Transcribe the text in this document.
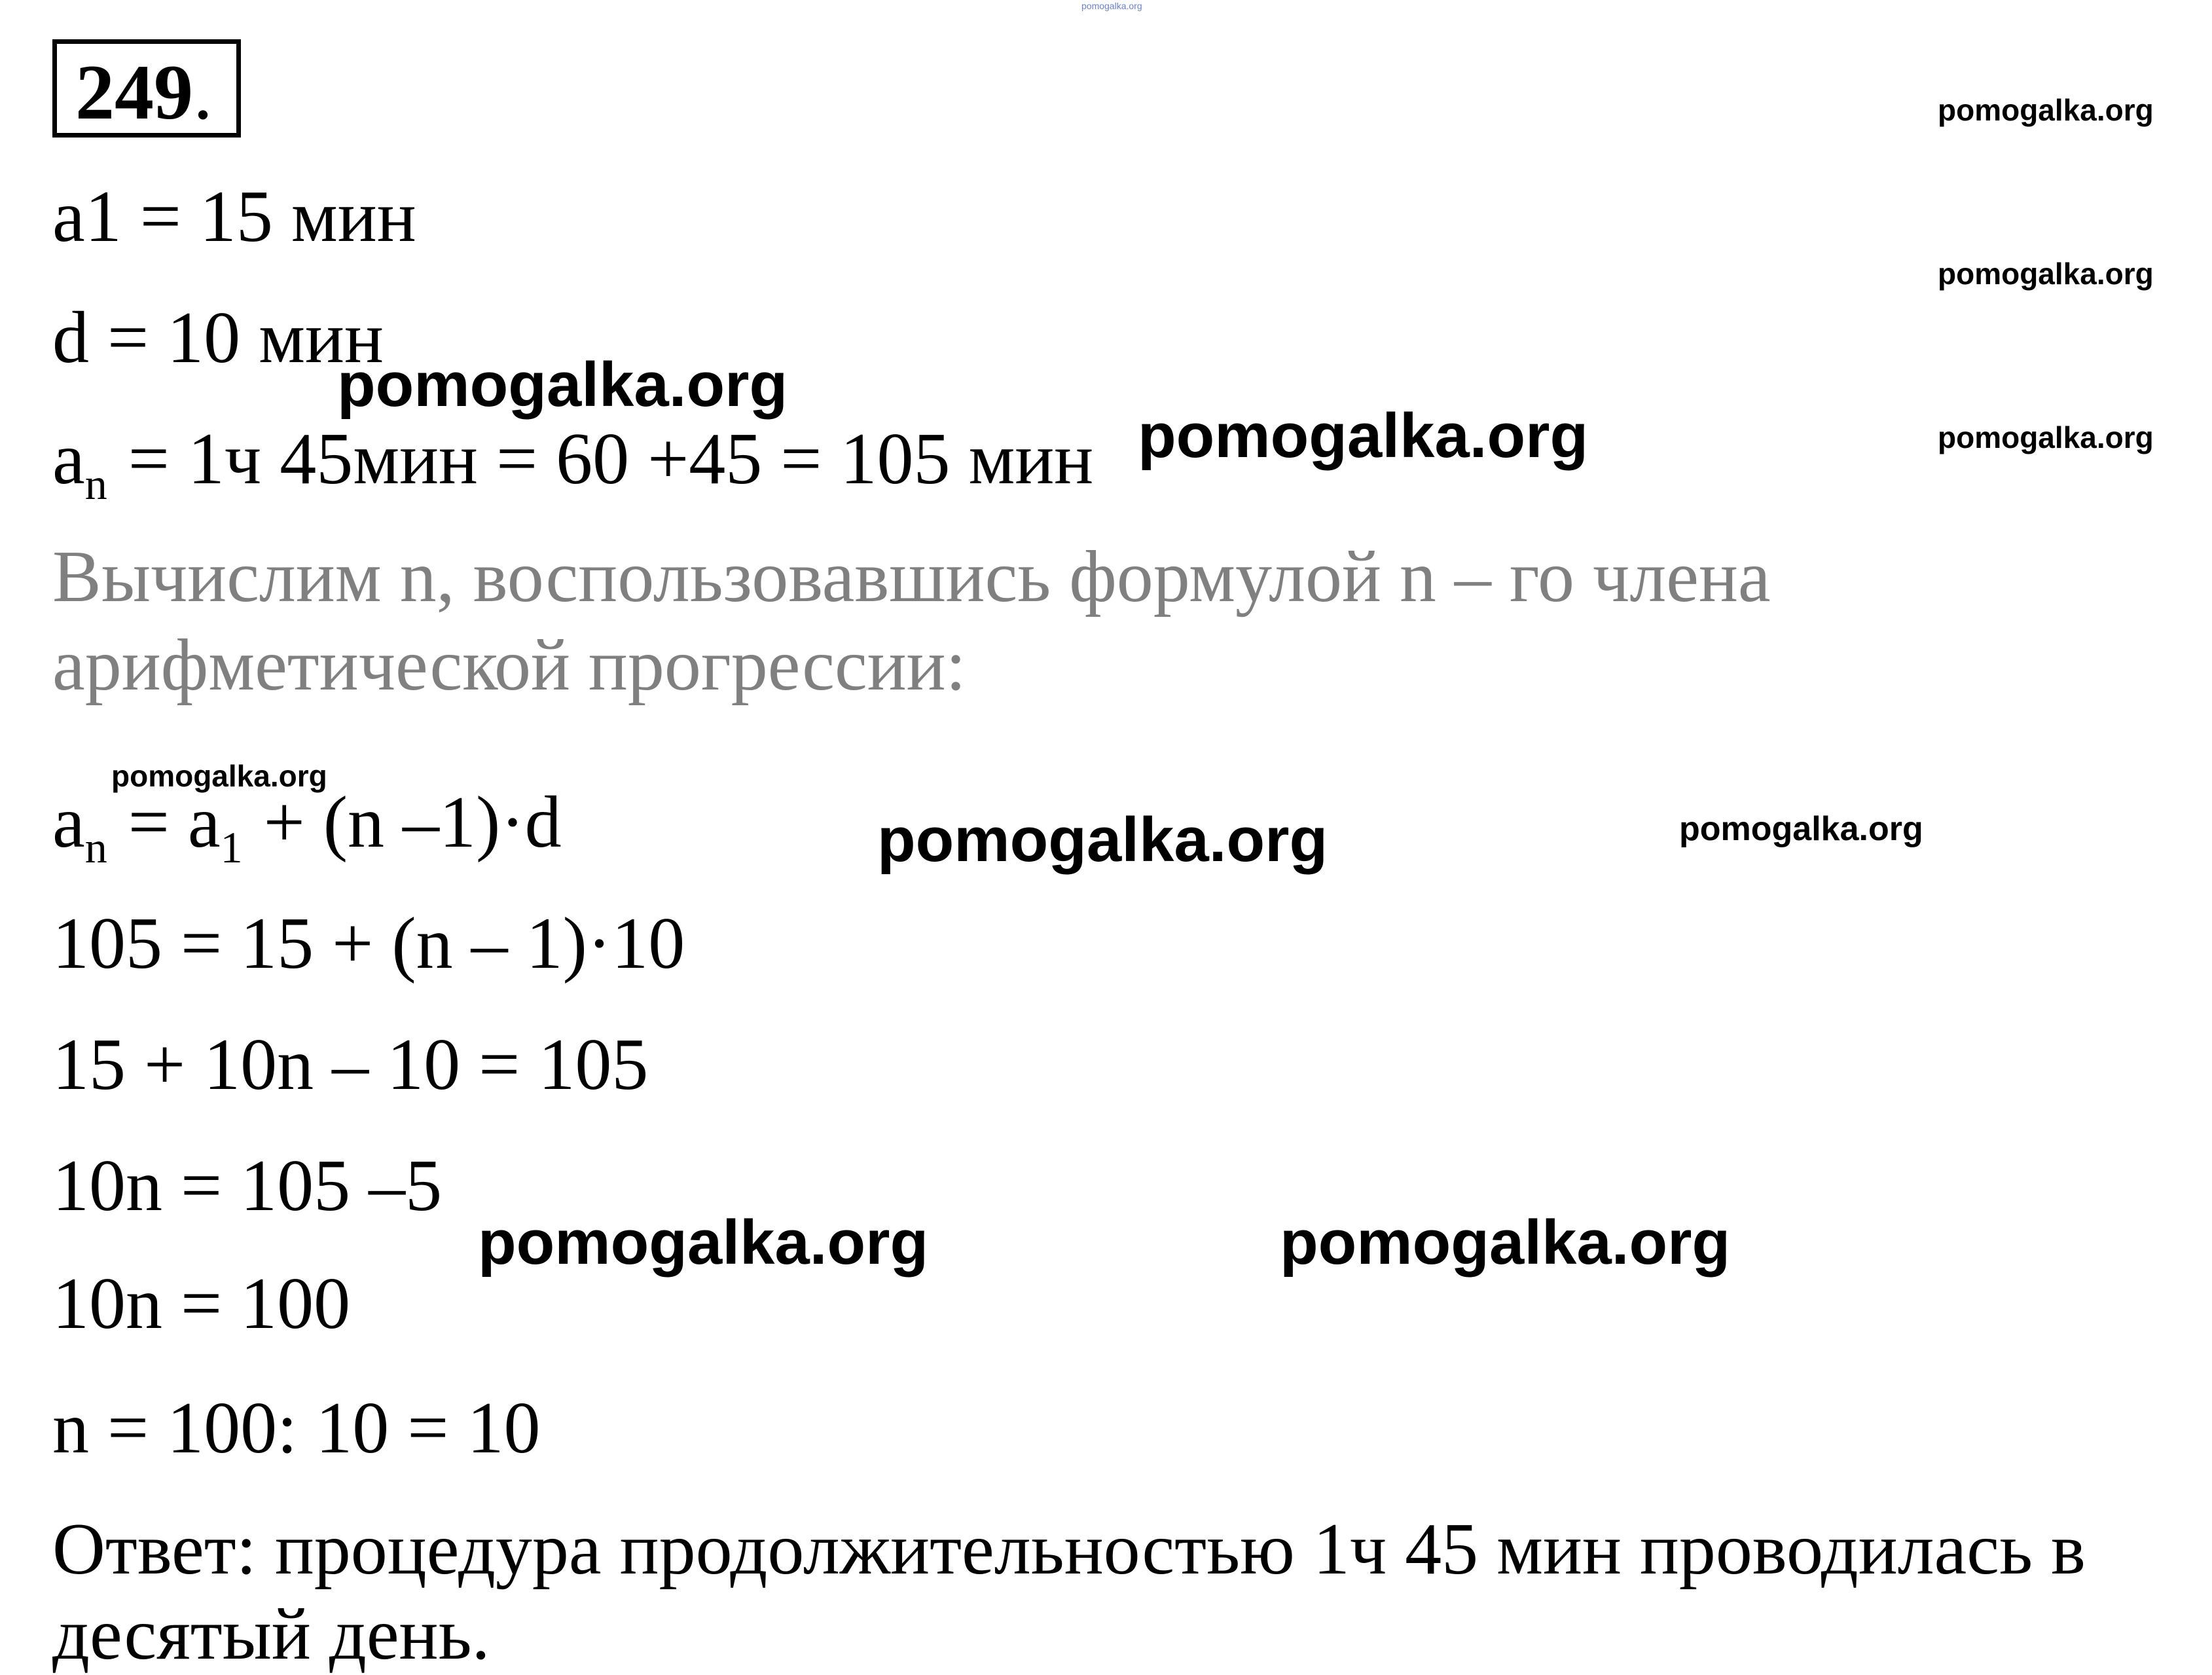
pomogalka.org
249.

a1 = 15 мин

d = 10 мин

$a_n = 1ч$ 45мин = 60 +45 = 105 мин

Вычислим n, воспользовавшись формулой n – го члена

арифметической прогрессии:

$a_n = a_1 + (n$ –1)·d

105 = 15 + (n – 1)·10

15 + 10n – 10 = 105

10n = 105 –5

10n = 100

n = 100: 10 = 10

Ответ: процедура продолжительностью 1ч 45 мин проводилась в

десятый день.

pomogalka.org
pomogalka.org
pomogalka.org
pomogalka.org
pomogalka.org
pomogalka.org
pomogalka.org	pomogalka.org
pomogalka.org	pomogalka.org
